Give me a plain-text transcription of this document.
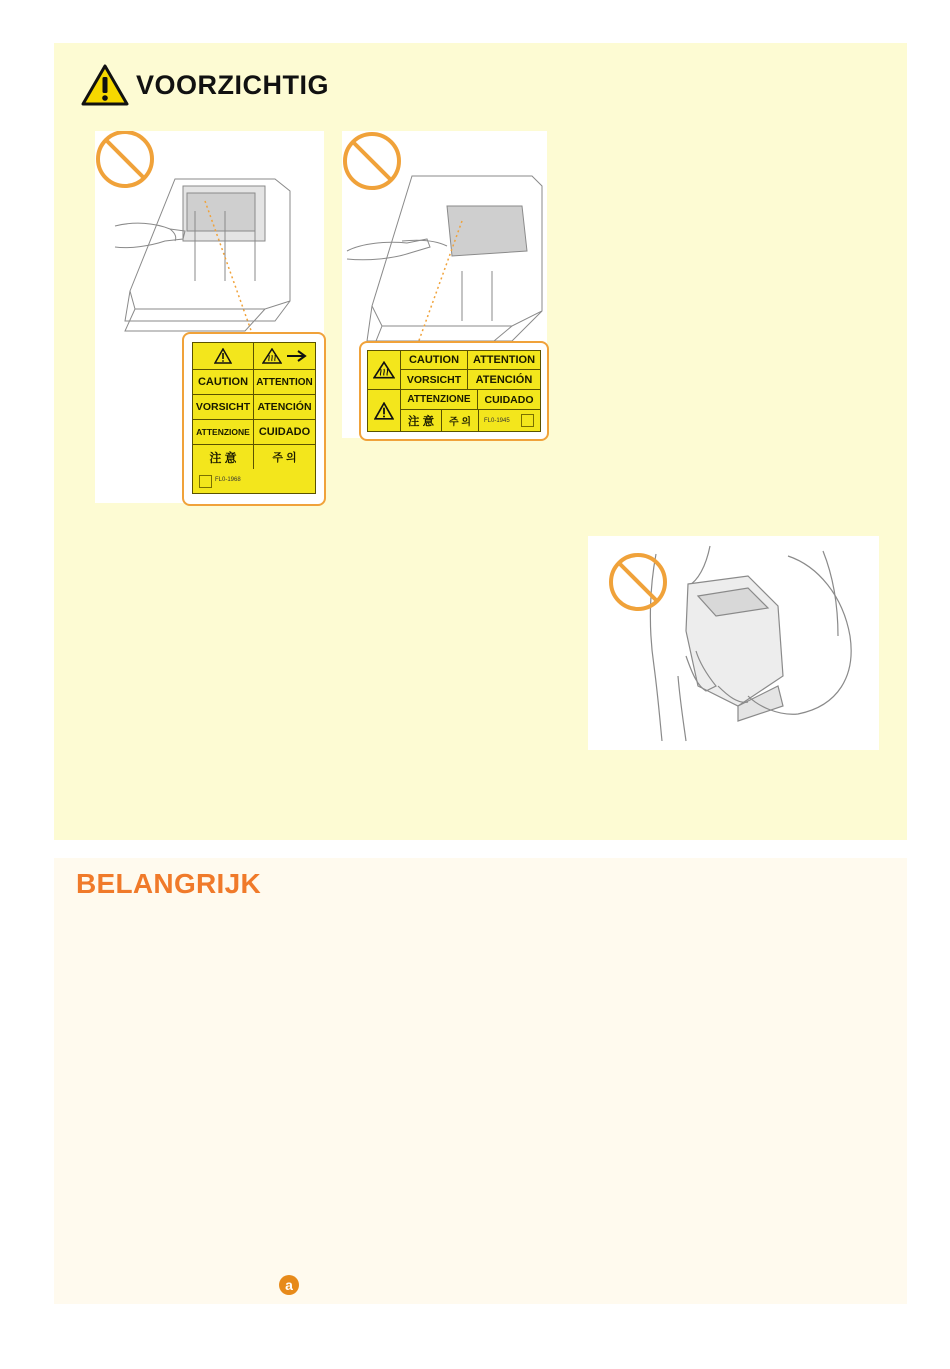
VOORZICHTIG
CAUTION ATTENTION
VORSICHT ATENCIÓN
ATTENZIONE CUIDADO
注 意	주 의
FL0-1968
CAUTION	ATTENTION
VORSICHT	ATENCIÓN
ATTENZIONE	CUIDADO
注 意	주 의	FL0-1945
BELANGRIJK
a
